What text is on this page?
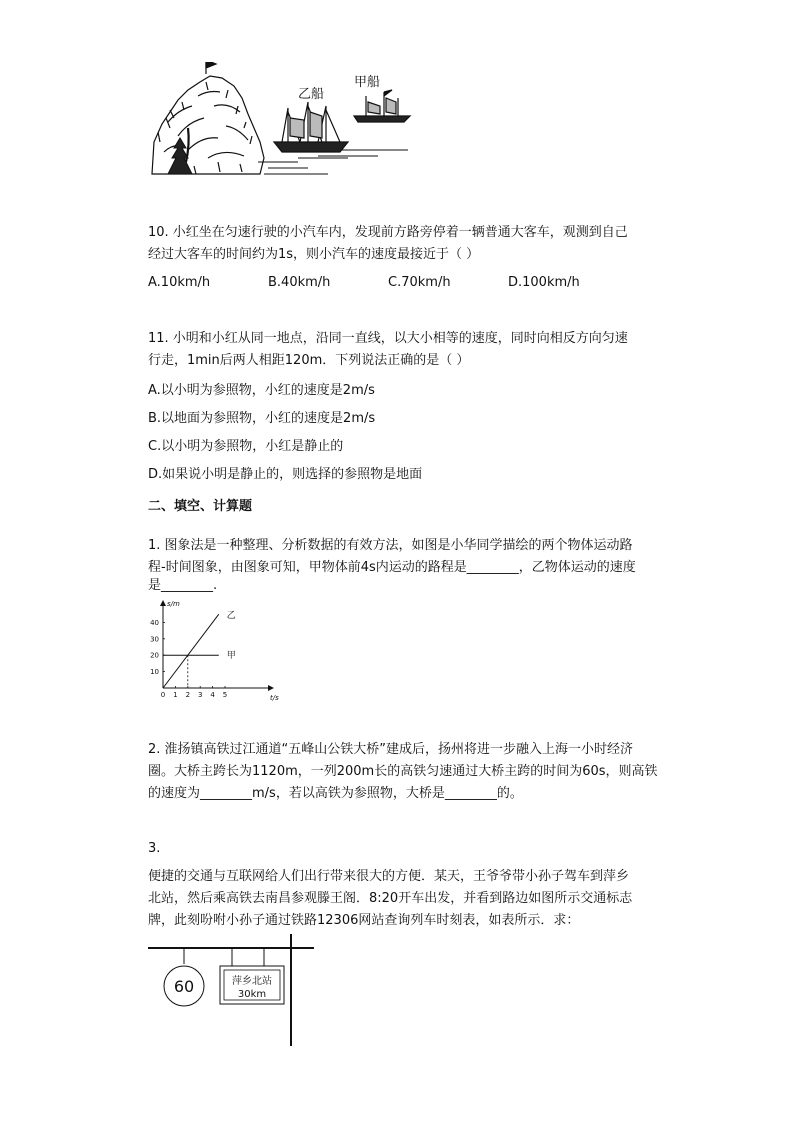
乙船
甲船
10. 小红坐在匀速行驶的小汽车内，发现前方路旁停着一辆普通大客车，观测到自己
经过大客车的时间约为1s，则小汽车的速度最接近于（ ）
A.10km/h	B.40km/h	C.70km/h	D.100km/h
11. 小明和小红从同一地点，沿同一直线，以大小相等的速度，同时向相反方向匀速
行走，1min后两人相距120m．下列说法正确的是（ ）
A.以小明为参照物，小红的速度是2m/s
B.以地面为参照物，小红的速度是2m/s
C.以小明为参照物，小红是静止的
D.如果说小明是静止的，则选择的参照物是地面
二、填空、计算题
1. 图象法是一种整理、分析数据的有效方法，如图是小华同学描绘的两个物体运动路
程-时间图象，由图象可知，甲物体前4s内运动的路程是________，乙物体运动的速度
是________.
s/m
t/s
0 1 2 3 4 5
10
20
30
40
乙
甲
2. 淮扬镇高铁过江通道“五峰山公铁大桥”建成后，扬州将进一步融入上海一小时经济
圈。大桥主跨长为1120m，一列200m长的高铁匀速通过大桥主跨的时间为60s，则高铁
的速度为________m/s，若以高铁为参照物，大桥是________的。
3.
便捷的交通与互联网给人们出行带来很大的方便．某天，王爷爷带小孙子驾车到萍乡
北站，然后乘高铁去南昌参观滕王阁．8:20开车出发，并看到路边如图所示交通标志
牌，此刻吩咐小孙子通过铁路12306网站查询列车时刻表，如表所示．求：
60	萍乡北站
30km
